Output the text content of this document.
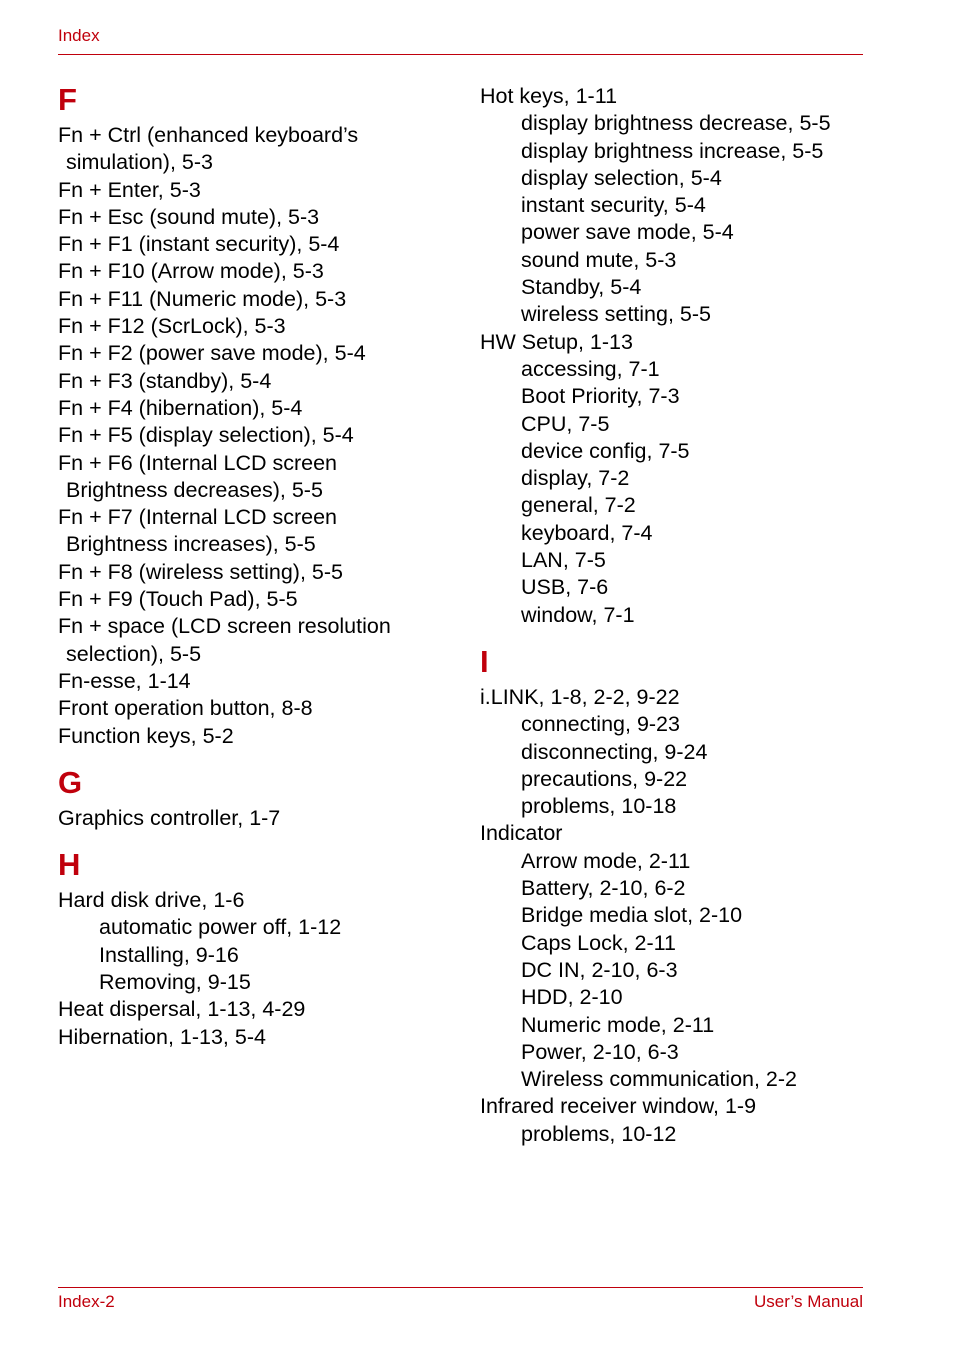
Index
F
Fn + Ctrl (enhanced keyboard’s
simulation), 5-3
Fn + Enter, 5-3
Fn + Esc (sound mute), 5-3
Fn + F1 (instant security), 5-4
Fn + F10 (Arrow mode), 5-3
Fn + F11 (Numeric mode), 5-3
Fn + F12 (ScrLock), 5-3
Fn + F2 (power save mode), 5-4
Fn + F3 (standby), 5-4
Fn + F4 (hibernation), 5-4
Fn + F5 (display selection), 5-4
Fn + F6 (Internal LCD screen
Brightness decreases), 5-5
Fn + F7 (Internal LCD screen
Brightness increases), 5-5
Fn + F8 (wireless setting), 5-5
Fn + F9 (Touch Pad), 5-5
Fn + space (LCD screen resolution
selection), 5-5
Fn-esse, 1-14
Front operation button, 8-8
Function keys, 5-2
G
Graphics controller, 1-7
H
Hard disk drive, 1-6
automatic power off, 1-12
Installing, 9-16
Removing, 9-15
Heat dispersal, 1-13, 4-29
Hibernation, 1-13, 5-4
Hot keys, 1-11
display brightness decrease, 5-5
display brightness increase, 5-5
display selection, 5-4
instant security, 5-4
power save mode, 5-4
sound mute, 5-3
Standby, 5-4
wireless setting, 5-5
HW Setup, 1-13
accessing, 7-1
Boot Priority, 7-3
CPU, 7-5
device config, 7-5
display, 7-2
general, 7-2
keyboard, 7-4
LAN, 7-5
USB, 7-6
window, 7-1
I
i.LINK, 1-8, 2-2, 9-22
connecting, 9-23
disconnecting, 9-24
precautions, 9-22
problems, 10-18
Indicator
Arrow mode, 2-11
Battery, 2-10, 6-2
Bridge media slot, 2-10
Caps Lock, 2-11
DC IN, 2-10, 6-3
HDD, 2-10
Numeric mode, 2-11
Power, 2-10, 6-3
Wireless communication, 2-2
Infrared receiver window, 1-9
problems, 10-12
Index-2	User’s Manual
